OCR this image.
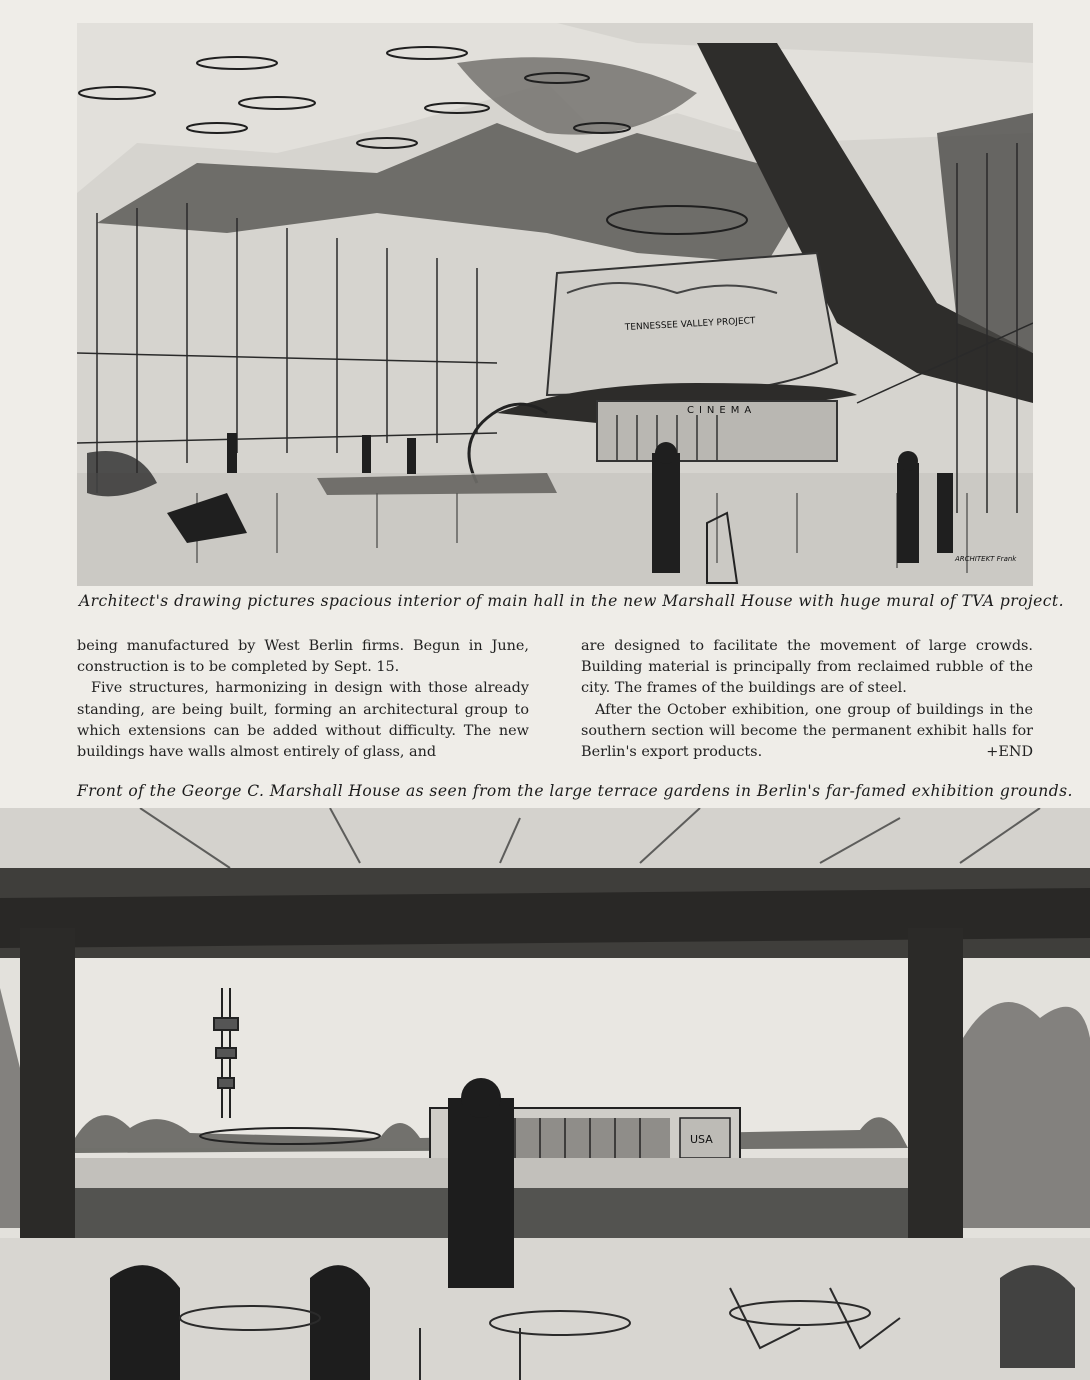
TENNESSEE VALLEY PROJECT
CINEMA
ARCHITEKT Frank
Architect's drawing pictures spacious interior of main hall in the new Marshall House with huge mural of TVA project.

being manufactured by West Berlin firms. Begun in June, construction is to be completed by Sept. 15.

Five structures, harmonizing in design with those already standing, are being built, forming an architectural group to which extensions can be added without difficulty. The new buildings have walls almost entirely of glass, and

are designed to facilitate the movement of large crowds. Building material is principally from reclaimed rubble of the city. The frames of the buildings are of steel.

After the October exhibition, one group of buildings in the southern section will become the permanent exhibit halls for Berlin's export products.	+END

Front of the George C. Marshall House as seen from the large terrace gardens in Berlin's far-famed exhibition grounds.
USA
